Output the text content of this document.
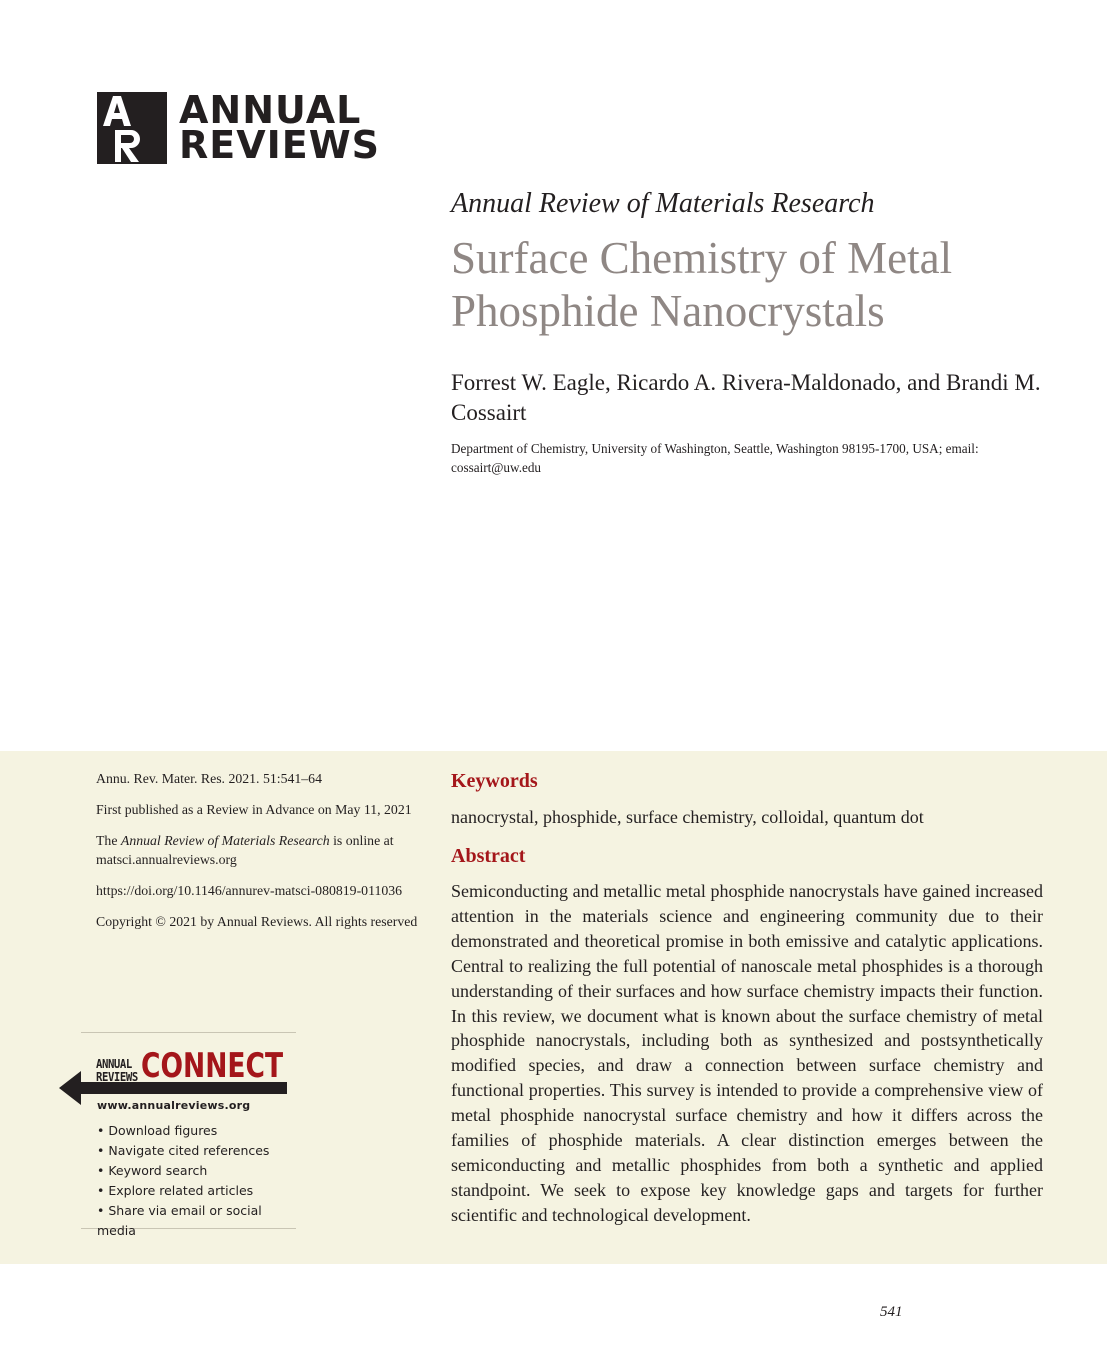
ANNUAL
REVIEWS
Annual Review of Materials Research
Surface Chemistry of Metal Phosphide Nanocrystals
Forrest W. Eagle, Ricardo A. Rivera-Maldonado, and Brandi M. Cossairt
Department of Chemistry, University of Washington, Seattle, Washington 98195-1700, USA; email: cossairt@uw.edu

Annu. Rev. Mater. Res. 2021. 51:541–64

First published as a Review in Advance on May 11, 2021

The Annual Review of Materials Research is online at matsci.annualreviews.org

https://doi.org/10.1146/annurev-matsci-080819-011036

Copyright © 2021 by Annual Reviews. All rights reserved

ANNUAL
REVIEWS CONNECT
www.annualreviews.org
• Download figures
• Navigate cited references
• Keyword search
• Explore related articles
• Share via email or social media
Keywords
nanocrystal, phosphide, surface chemistry, colloidal, quantum dot
Abstract

Semiconducting and metallic metal phosphide nanocrystals have gained increased attention in the materials science and engineering community due to their demonstrated and theoretical promise in both emissive and catalytic applications. Central to realizing the full potential of nanoscale metal phosphides is a thorough understanding of their surfaces and how surface chemistry impacts their function. In this review, we document what is known about the surface chemistry of metal phosphide nanocrystals, including both as synthesized and postsynthetically modified species, and draw a connection between surface chemistry and functional properties. This survey is intended to provide a comprehensive view of metal phosphide nanocrystal surface chemistry and how it differs across the families of phosphide materials. A clear distinction emerges between the semiconducting and metallic phosphides from both a synthetic and applied standpoint. We seek to expose key knowledge gaps and targets for further scientific and technological development.

541
